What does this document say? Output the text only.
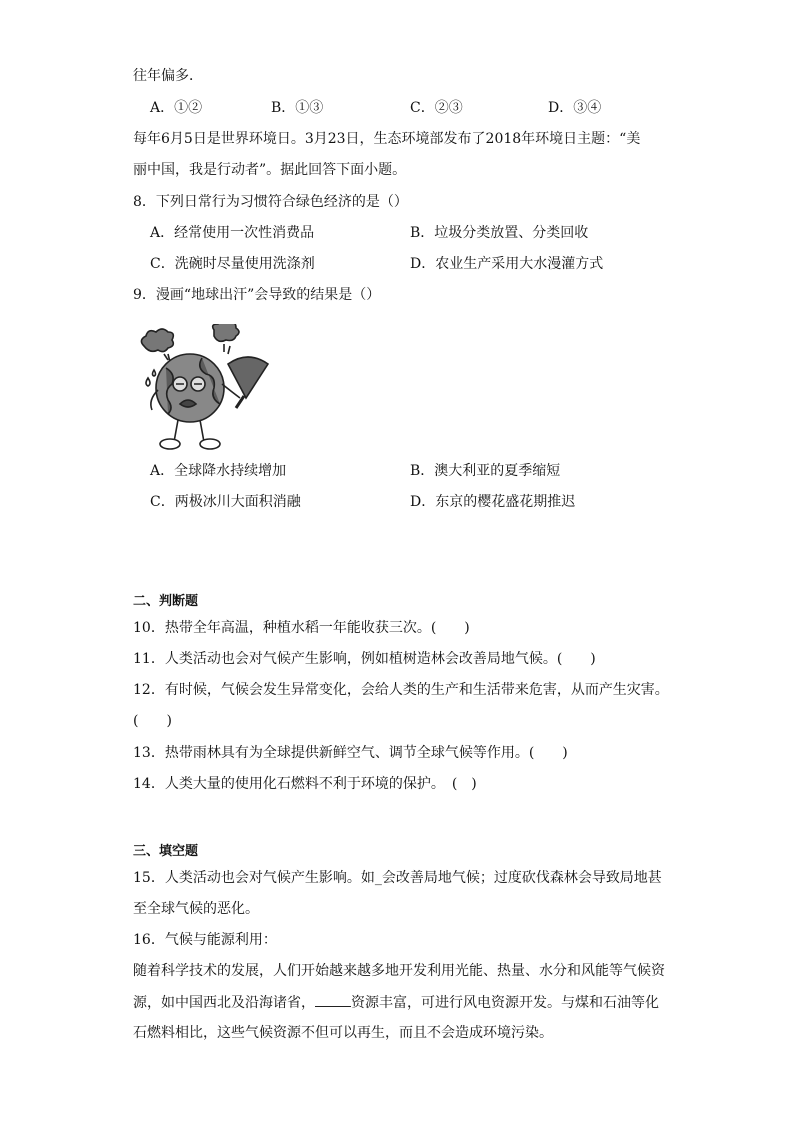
往年偏多．
A．①②	B．①③	C．②③	D．③④
每年6月5日是世界环境日。3月23日，生态环境部发布了2018年环境日主题：“美
丽中国，我是行动者”。据此回答下面小题。
8．下列日常行为习惯符合绿色经济的是（）
A．经常使用一次性消费品	B．垃圾分类放置、分类回收
C．洗碗时尽量使用洗涤剂	D．农业生产采用大水漫灌方式
9．漫画“地球出汗”会导致的结果是（）
A．全球降水持续增加	B．澳大利亚的夏季缩短
C．两极冰川大面积消融	D．东京的樱花盛花期推迟
二、判断题
10．热带全年高温，种植水稻一年能收获三次。(　　)
11．人类活动也会对气候产生影响，例如植树造林会改善局地气候。(　　)
12．有时候，气候会发生异常变化，会给人类的生产和生活带来危害，从而产生灾害。
(　　)
13．热带雨林具有为全球提供新鲜空气、调节全球气候等作用。(　　)
14．人类大量的使用化石燃料不利于环境的保护。　(　)
三、填空题
15．人类活动也会对气候产生影响。如_会改善局地气候；过度砍伐森林会导致局地甚
至全球气候的恶化。
16．气候与能源利用：
随着科学技术的发展，人们开始越来越多地开发利用光能、热量、水分和风能等气候资
源，如中国西北及沿海诸省，	资源丰富，可进行风电资源开发。与煤和石油等化
石燃料相比，这些气候资源不但可以再生，而且不会造成环境污染。
